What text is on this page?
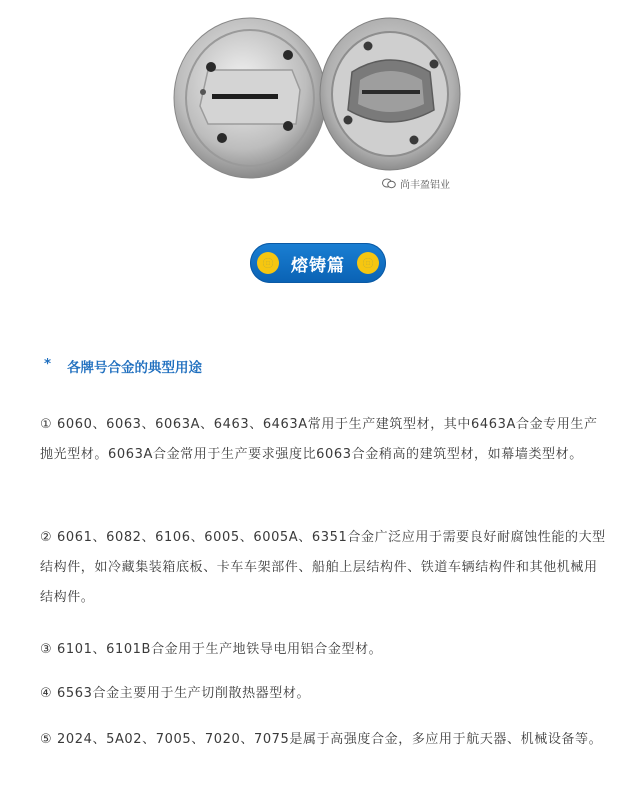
尚丰盈铝业
熔铸篇
* 各牌号合金的典型用途

① 6060、6063、6063A、6463、6463A常用于生产建筑型材，其中6463A合金专用生产抛光型材。6063A合金常用于生产要求强度比6063合金稍高的建筑型材，如幕墙类型材。

② 6061、6082、6106、6005、6005A、6351合金广泛应用于需要良好耐腐蚀性能的大型结构件，如冷藏集装箱底板、卡车车架部件、船舶上层结构件、铁道车辆结构件和其他机械用结构件。

③ 6101、6101B合金用于生产地铁导电用铝合金型材。

④ 6563合金主要用于生产切削散热器型材。

⑤ 2024、5A02、7005、7020、7075是属于高强度合金，多应用于航天器、机械设备等。
